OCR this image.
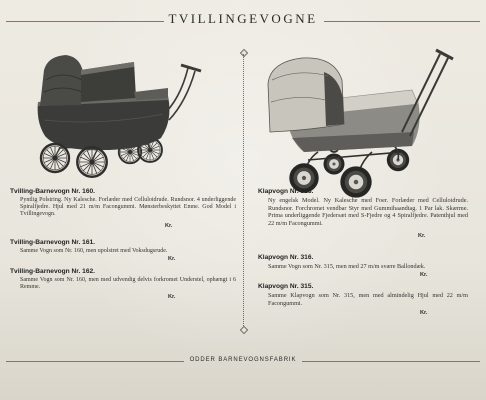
TVILLINGEVOGNE
Tvilling-Barnevogn Nr. 160.

Pyntlig Polstring. Ny Kalesche. Forlæder med Celluloidrude. Rundsnor. 4 underliggende Spiralfjedre. Hjul med 21 m/m Facongummi. Mønsterbeskyttet Emne. God Model i Tvillingevogn.

Kr.
Tvilling-Barnevogn Nr. 161.

Samme Vogn som Nr. 160, men upolstret med Voksdugsrude.

Kr.
Tvilling-Barnevogn Nr. 162.

Samme Vogn som Nr. 160, men med udvendig delvis forkromet Understel, ophængt i 6 Remme.

Kr.
Klapvogn Nr. 315.

Ny engelsk Model. Ny Kalesche med Foer. Forlæder med Celluloidrude. Rundsnor. Forchromet vendbar Styr med Gummihaandtag. 1 Par lak. Skærme. Prima underliggende Fjedersæt med S-Fjedre og 4 Spiralfjedre. Patenthjul med 22 m/m Facongummi.

Kr.
Klapvogn Nr. 316.

Samme Vogn som Nr. 315, men med 27 m/m svære Ballondæk.

Kr.
Klapvogn Nr. 315.

Samme Klapvogn som Nr. 315, men med almindelig Hjul med 22 m/m Facongummi.

Kr.
ODDER BARNEVOGNSFABRIK
